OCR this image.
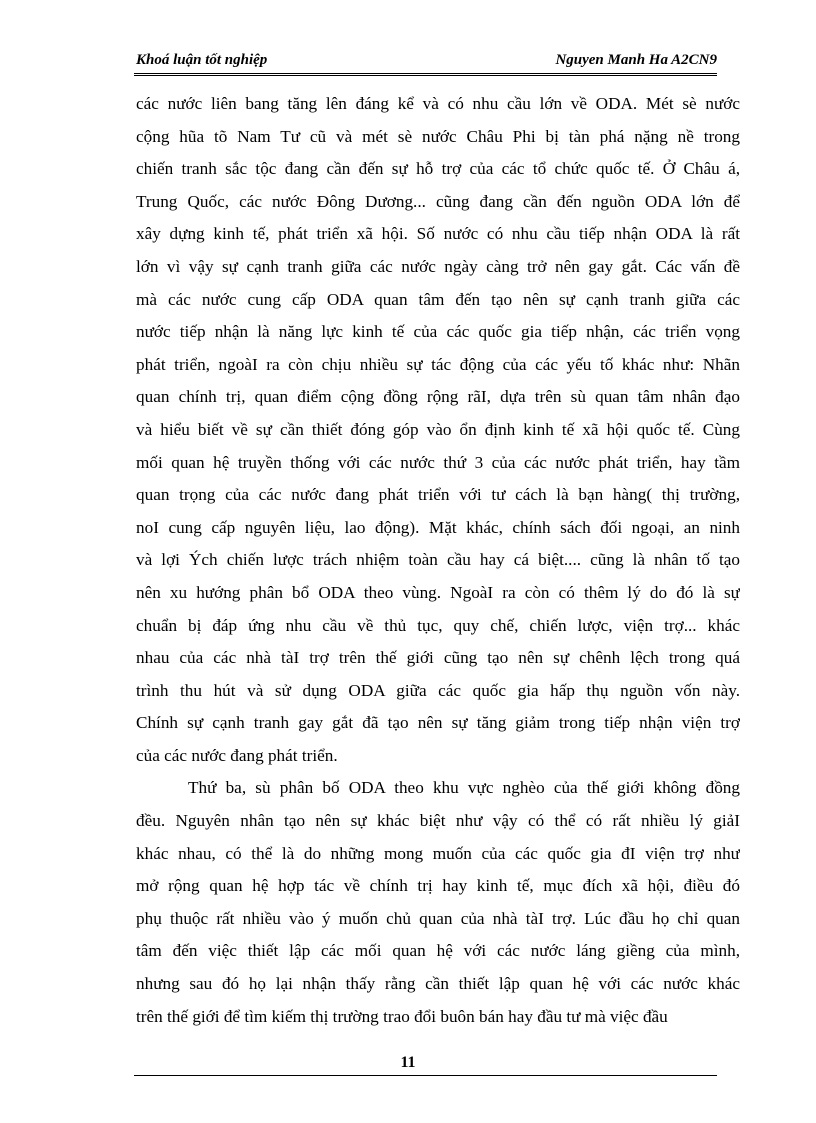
Khoá luận tốt nghiệp	Nguyen Manh Ha A2CN9
các nước liên bang tăng lên đáng kể và có nhu cầu lớn về ODA. Mét sè nước
cộng hũa tõ Nam Tư cũ và mét sè nước Châu Phi bị tàn phá nặng nề trong
chiến tranh sắc tộc đang cần đến sự hỗ trợ của các tổ chức quốc tế. Ở Châu á,
Trung Quốc, các nước Đông Dương... cũng đang cần đến nguồn ODA lớn để
xây dựng kinh tế, phát triển xã hội. Số nước có nhu cầu tiếp nhận ODA là rất
lớn vì vậy sự cạnh tranh giữa các nước ngày càng trở nên gay gắt. Các vấn đề
mà các nước cung cấp ODA quan tâm đến tạo nên sự cạnh tranh giữa các
nước tiếp nhận là năng lực kinh tế của các quốc gia tiếp nhận, các triển vọng
phát triển, ngoàI ra còn chịu nhiều sự tác động của các yếu tố khác như: Nhãn
quan chính trị, quan điểm cộng đồng rộng rãI, dựa trên sù quan tâm nhân đạo
và hiểu biết về sự cần thiết đóng góp vào ổn định kinh tế xã hội quốc tế. Cùng
mối quan hệ truyền thống với các nước thứ 3 của các nước phát triển, hay tầm
quan trọng của các nước đang phát triển với tư cách là bạn hàng( thị trường,
noI cung cấp nguyên liệu, lao động). Mặt khác, chính sách đối ngoại, an ninh
và lợi Ých chiến lược trách nhiệm toàn cầu hay cá biệt.... cũng là nhân tố tạo
nên xu hướng phân bổ ODA theo vùng. NgoàI ra còn có thêm lý do đó là sự
chuẩn bị đáp ứng nhu cầu về thủ tục, quy chế, chiến lược, viện trợ... khác
nhau của các nhà tàI trợ trên thế giới cũng tạo nên sự chênh lệch trong quá
trình thu hút và sử dụng ODA giữa các quốc gia hấp thụ nguồn vốn này.
Chính sự cạnh tranh gay gắt đã tạo nên sự tăng giảm trong tiếp nhận viện trợ
của các nước đang phát triển.
Thứ ba, sù phân bố ODA theo khu vực nghèo của thế giới không đồng
đều. Nguyên nhân tạo nên sự khác biệt như vậy có thể có rất nhiều lý giảI
khác nhau, có thể là do những mong muốn của các quốc gia đI viện trợ như
mở rộng quan hệ hợp tác về chính trị hay kinh tế, mục đích xã hội, điều đó
phụ thuộc rất nhiều vào ý muốn chủ quan của nhà tàI trợ. Lúc đầu họ chỉ quan
tâm đến việc thiết lập các mối quan hệ với các nước láng giềng của mình,
nhưng sau đó họ lại nhận thấy rằng cần thiết lập quan hệ với các nước khác
trên thế giới để tìm kiếm thị trường trao đổi buôn bán hay đầu tư mà việc đầu
11
